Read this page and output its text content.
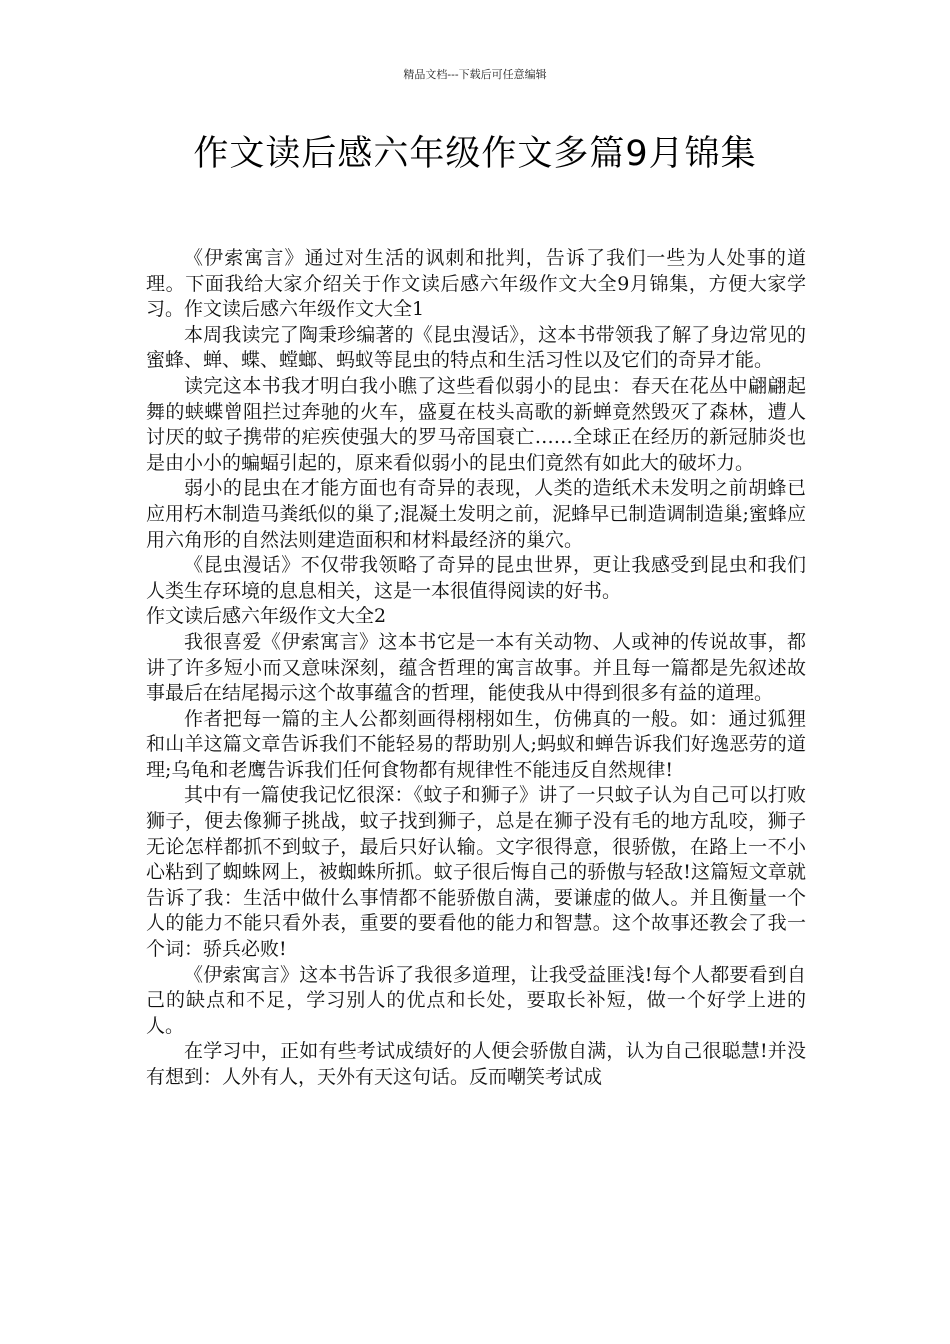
精品文档---下载后可任意编辑
作文读后感六年级作文多篇9月锦集

《伊索寓言》通过对生活的讽刺和批判，告诉了我们一些为人处事的道理。下面我给大家介绍关于作文读后感六年级作文大全9月锦集，方便大家学习。作文读后感六年级作文大全1

本周我读完了陶秉珍编著的《昆虫漫话》，这本书带领我了解了身边常见的蜜蜂、蝉、蝶、螳螂、蚂蚁等昆虫的特点和生活习性以及它们的奇异才能。

读完这本书我才明白我小瞧了这些看似弱小的昆虫：春天在花丛中翩翩起舞的蛱蝶曾阻拦过奔驰的火车，盛夏在枝头高歌的新蝉竟然毁灭了森林，遭人讨厌的蚊子携带的疟疾使强大的罗马帝国衰亡……全球正在经历的新冠肺炎也是由小小的蝙蝠引起的，原来看似弱小的昆虫们竟然有如此大的破坏力。

弱小的昆虫在才能方面也有奇异的表现，人类的造纸术未发明之前胡蜂已应用朽木制造马粪纸似的巢了;混凝土发明之前，泥蜂早已制造调制造巢;蜜蜂应用六角形的自然法则建造面积和材料最经济的巢穴。

《昆虫漫话》不仅带我领略了奇异的昆虫世界，更让我感受到昆虫和我们人类生存环境的息息相关，这是一本很值得阅读的好书。

作文读后感六年级作文大全2

我很喜爱《伊索寓言》这本书它是一本有关动物、人或神的传说故事，都讲了许多短小而又意味深刻，蕴含哲理的寓言故事。并且每一篇都是先叙述故事最后在结尾揭示这个故事蕴含的哲理，能使我从中得到很多有益的道理。

作者把每一篇的主人公都刻画得栩栩如生，仿佛真的一般。如：通过狐狸和山羊这篇文章告诉我们不能轻易的帮助别人;蚂蚁和蝉告诉我们好逸恶劳的道理;乌龟和老鹰告诉我们任何食物都有规律性不能违反自然规律!

其中有一篇使我记忆很深：《蚊子和狮子》讲了一只蚊子认为自己可以打败狮子，便去像狮子挑战，蚊子找到狮子，总是在狮子没有毛的地方乱咬，狮子无论怎样都抓不到蚊子，最后只好认输。文字很得意，很骄傲，在路上一不小心粘到了蜘蛛网上，被蜘蛛所抓。蚊子很后悔自己的骄傲与轻敌!这篇短文章就告诉了我：生活中做什么事情都不能骄傲自满，要谦虚的做人。并且衡量一个人的能力不能只看外表，重要的要看他的能力和智慧。这个故事还教会了我一个词：骄兵必败!

《伊索寓言》这本书告诉了我很多道理，让我受益匪浅!每个人都要看到自己的缺点和不足，学习别人的优点和长处，要取长补短，做一个好学上进的人。

在学习中，正如有些考试成绩好的人便会骄傲自满，认为自己很聪慧!并没有想到：人外有人，天外有天这句话。反而嘲笑考试成
